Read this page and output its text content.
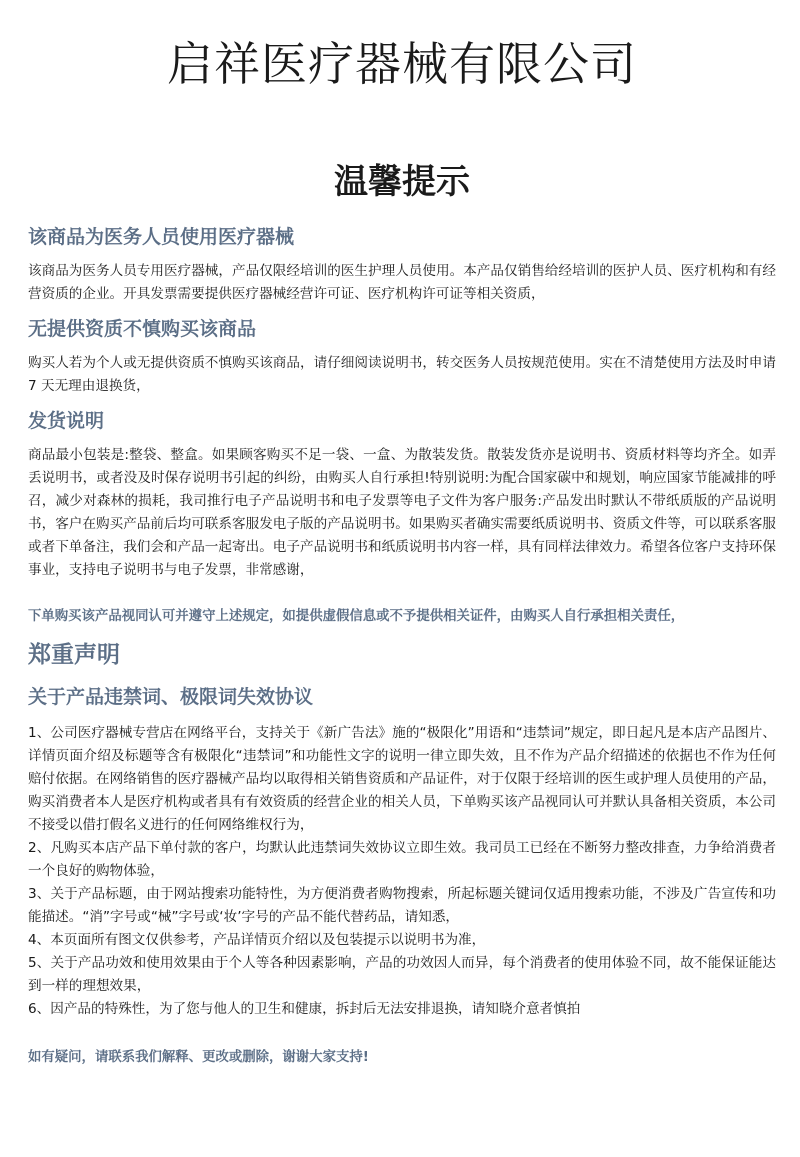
启祥医疗器械有限公司
温馨提示
该商品为医务人员使用医疗器械

该商品为医务人员专用医疗器械，产品仅限经培训的医生护理人员使用。本产品仅销售给经培训的医护人员、医疗机构和有经营资质的企业。开具发票需要提供医疗器械经营许可证、医疗机构许可证等相关资质，

无提供资质不慎购买该商品

购买人若为个人或无提供资质不慎购买该商品，请仔细阅读说明书，转交医务人员按规范使用。实在不清楚使用方法及时申请 7 天无理由退换货，

发货说明

商品最小包装是:整袋、整盒。如果顾客购买不足一袋、一盒、为散装发货。散装发货亦是说明书、资质材料等均齐全。如弄丢说明书，或者没及时保存说明书引起的纠纷，由购买人自行承担!特别说明:为配合国家碳中和规划，响应国家节能减排的呼召，减少对森林的损耗，我司推行电子产品说明书和电子发票等电子文件为客户服务:产品发出时默认不带纸质版的产品说明书，客户在购买产品前后均可联系客服发电子版的产品说明书。如果购买者确实需要纸质说明书、资质文件等，可以联系客服或者下单备注，我们会和产品一起寄出。电子产品说明书和纸质说明书内容一样，具有同样法律效力。希望各位客户支持环保事业，支持电子说明书与电子发票，非常感谢，

下单购买该产品视同认可并遵守上述规定，如提供虚假信息或不予提供相关证件，由购买人自行承担相关责任，

郑重声明
关于产品违禁词、极限词失效协议

1、公司医疗器械专营店在网络平台，支持关于《新广告法》施的“极限化”用语和“违禁词”规定，即日起凡是本店产品图片、详情页面介绍及标题等含有极限化“违禁词”和功能性文字的说明一律立即失效，且不作为产品介绍描述的依据也不作为任何赔付依据。在网络销售的医疗器械产品均以取得相关销售资质和产品证件，对于仅限于经培训的医生或护理人员使用的产品，购买消费者本人是医疗机构或者具有有效资质的经营企业的相关人员，下单购买该产品视同认可并默认具备相关资质，本公司不接受以借打假名义进行的任何网络维权行为，

2、凡购买本店产品下单付款的客户，均默认此违禁词失效协议立即生效。我司员工已经在不断努力整改排查，力争给消费者一个良好的购物体验，

3、关于产品标题，由于网站搜索功能特性，为方便消费者购物搜索，所起标题关键词仅适用搜索功能，不涉及广告宣传和功能描述。“消”字号或“械”字号或‘妆’字号的产品不能代替药品，请知悉，

4、本页面所有图文仅供参考，产品详情页介绍以及包装提示以说明书为准，

5、关于产品功效和使用效果由于个人等各种因素影响，产品的功效因人而异，每个消费者的使用体验不同，故不能保证能达到一样的理想效果，

6、因产品的特殊性，为了您与他人的卫生和健康，拆封后无法安排退换，请知晓介意者慎拍

如有疑问，请联系我们解释、更改或删除，谢谢大家支持!
